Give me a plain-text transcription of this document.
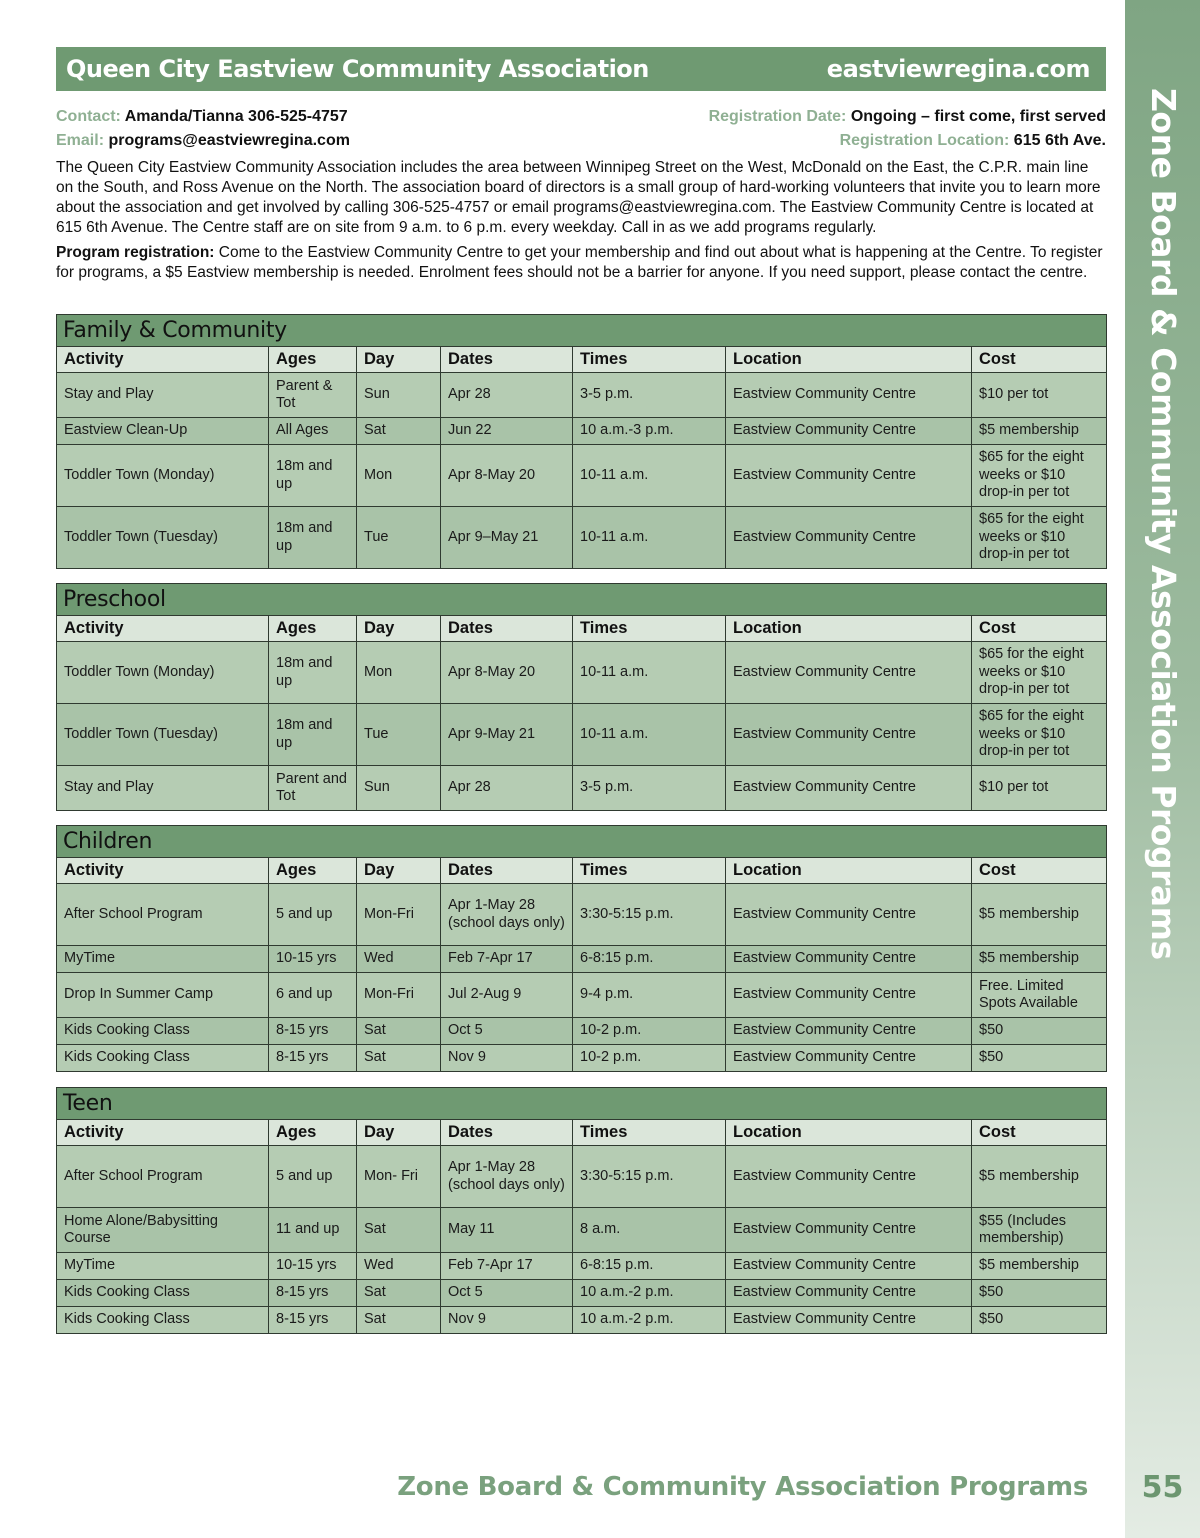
Zone Board & Community Association Programs
Queen City Eastview Community Association	eastviewregina.com
Contact: Amanda/Tianna 306-525-4757	Registration Date: Ongoing – first come, first served
Email: programs@eastviewregina.com	Registration Location: 615 6th Ave.

The Queen City Eastview Community Association includes the area between Winnipeg Street on the West, McDonald on the East, the C.P.R. main line on the South, and Ross Avenue on the North. The association board of directors is a small group of hard-working volunteers that invite you to learn more about the association and get involved by calling 306-525-4757 or email programs@eastviewregina.com. The Eastview Community Centre is located at 615 6th Avenue. The Centre staff are on site from 9 a.m. to 6 p.m. every weekday. Call in as we add programs regularly.

Program registration: Come to the Eastview Community Centre to get your membership and find out about what is happening at the Centre. To register for programs, a $5 Eastview membership is needed. Enrolment fees should not be a barrier for anyone. If you need support, please contact the centre.

Family & Community						
Activity	Ages	Day	Dates	Times	Location	Cost
Stay and Play	Parent & Tot	Sun	Apr 28	3-5 p.m.	Eastview Community Centre	$10 per tot
Eastview Clean-Up	All Ages	Sat	Jun 22	10 a.m.-3 p.m.	Eastview Community Centre	$5 membership
Toddler Town (Monday)	18m and up	Mon	Apr 8-May 20	10-11 a.m.	Eastview Community Centre	$65 for the eight weeks or $10 drop-in per tot
Toddler Town (Tuesday)	18m and up	Tue	Apr 9–May 21	10-11 a.m.	Eastview Community Centre	$65 for the eight weeks or $10 drop-in per tot
Preschool						
Activity	Ages	Day	Dates	Times	Location	Cost
Toddler Town (Monday)	18m and up	Mon	Apr 8-May 20	10-11 a.m.	Eastview Community Centre	$65 for the eight weeks or $10 drop-in per tot
Toddler Town (Tuesday)	18m and up	Tue	Apr 9-May 21	10-11 a.m.	Eastview Community Centre	$65 for the eight weeks or $10 drop-in per tot
Stay and Play	Parent and Tot	Sun	Apr 28	3-5 p.m.	Eastview Community Centre	$10 per tot
Children						
Activity	Ages	Day	Dates	Times	Location	Cost
After School Program	5 and up	Mon-Fri	Apr 1-May 28 (school days only)	3:30-5:15 p.m.	Eastview Community Centre	$5 membership
MyTime	10-15 yrs	Wed	Feb 7-Apr 17	6-8:15 p.m.	Eastview Community Centre	$5 membership
Drop In Summer Camp	6 and up	Mon-Fri	Jul 2-Aug 9	9-4 p.m.	Eastview Community Centre	Free. Limited Spots Available
Kids Cooking Class	8-15 yrs	Sat	Oct 5	10-2 p.m.	Eastview Community Centre	$50
Kids Cooking Class	8-15 yrs	Sat	Nov 9	10-2 p.m.	Eastview Community Centre	$50
Teen						
Activity	Ages	Day	Dates	Times	Location	Cost
After School Program	5 and up	Mon- Fri	Apr 1-May 28 (school days only)	3:30-5:15 p.m.	Eastview Community Centre	$5 membership
Home Alone/Babysitting Course	11 and up	Sat	May 11	8 a.m.	Eastview Community Centre	$55 (Includes membership)
MyTime	10-15 yrs	Wed	Feb 7-Apr 17	6-8:15 p.m.	Eastview Community Centre	$5 membership
Kids Cooking Class	8-15 yrs	Sat	Oct 5	10 a.m.-2 p.m.	Eastview Community Centre	$50
Kids Cooking Class	8-15 yrs	Sat	Nov 9	10 a.m.-2 p.m.	Eastview Community Centre	$50
Zone Board & Community Association Programs	55
